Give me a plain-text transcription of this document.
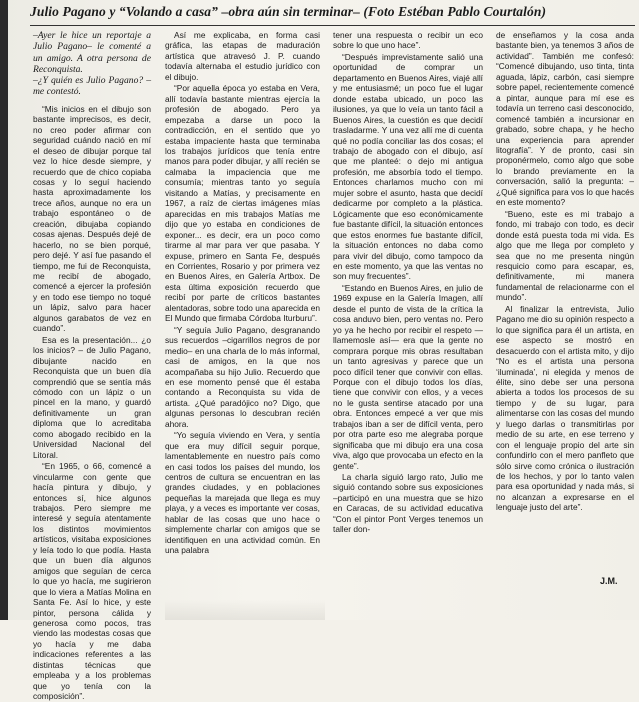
Julio Pagano y “Volando a casa” –obra aún sin terminar– (Foto Estéban Pablo Courtalón)

–Ayer le hice un reportaje a Julio Pagano– le comenté a un amigo. A otra persona de Reconquista.

–¿Y quién es Julio Pagano? – me contestó.

“Mis inicios en el dibujo son bastante imprecisos, es decir, no creo poder afirmar con seguridad cuándo nació en mí el deseo de dibujar porque tal vez lo hice desde siempre, y recuerdo que de chico copiaba cosas y lo seguí haciendo hasta aproximadamente los trece años, aunque no era un trabajo espontáneo o de creación, dibujaba copiando cosas ajenas. Después dejé de hacerlo, no se bien porqué, pero dejé. Y así fue pasando el tiempo, me fui de Reconquista, me recibí de abogado, comencé a ejercer la profesión y en todo ese tiempo no toqué un lápiz, salvo para hacer algunos garabatos de vez en cuando”.

Esa es la presentación... ¿o los inicios? – de Julio Pagano, dibujante nacido en Reconquista que un buen día comprendió que se sentía más cómodo con un lápiz o un pincel en la mano, y guardó definitivamente un gran diploma que lo acreditaba como abogado recibido en la Universidad Nacional del Litoral.

“En 1965, o 66, comencé a vincularme con gente que hacía pintura y dibujo, y entonces sí, hice algunos trabajos. Pero siempre me interesé y seguía atentamente los distintos movimientos artísticos, visitaba exposiciones y leía todo lo que podía. Hasta que un buen día algunos amigos que seguían de cerca lo que yo hacía, me sugirieron que lo viera a Matías Molina en Santa Fe. Así lo hice, y este pintor, persona cálida y generosa como pocos, tras viendo las modestas cosas que yo hacía y me daba indicaciones referentes a las distintas técnicas que empleaba y a los problemas que yo tenía con la composición”.

Así me explicaba, en forma casi gráfica, las etapas de maduración artística que atravesó J. P. cuando todavía alternaba el estudio jurídico con el dibujo.

“Por aquella época yo estaba en Vera, allí todavía bastante mientras ejercía la profesión de abogado. Pero ya empezaba a darse un poco la contradicción, en el sentido que yo estaba impaciente hasta que terminaba los trabajos jurídicos que tenía entre manos para poder dibujar, y allí recién se calmaba la impaciencia que me consumía; mientras tanto yo seguía visitando a Matías, y precisamente en 1967, a raíz de ciertas imágenes mías aparecidas en mis trabajos Matías me dijo que yo estaba en condiciones de exponer... es decir, era un poco como tirarme al mar para ver que pasaba. Y expuse, primero en Santa Fe, después en Corrientes, Rosario y por primera vez en Buenos Aires, en Galería Artbox. De esta última exposición recuerdo que recibí por parte de críticos bastantes alentadoras, sobre todo una aparecida en El Mundo que firmaba Córdoba Iturburu”.

“Y seguía Julio Pagano, desgranando sus recuerdos –cigarrillos negros de por medio– en una charla de lo más informal, casi de amigos, en la que nos acompañaba su hijo Julio. Recuerdo que en ese momento pensé que él estaba contando a Reconquista su vida de artista. ¿Qué paradójico no? Digo, que algunas personas lo descubran recién ahora.

“Yo seguía viviendo en Vera, y sentía que era muy difícil seguir porque, lamentablemente en nuestro país como en casi todos los países del mundo, los centros de cultura se encuentran en las grandes ciudades, y en poblaciones pequeñas la marejada que llega es muy playa, y a veces es importante ver cosas, hablar de las cosas que uno hace o simplemente charlar con amigos que se identifiquen en una actividad común. En una palabra

tener una respuesta o recibir un eco sobre lo que uno hace”.

“Después imprevistamente salió una oportunidad de comprar un departamento en Buenos Aires, viajé allí y me entusiasmé; un poco fue el lugar donde estaba ubicado, un poco las ilusiones, ya que lo veía un tanto fácil a Buenos Aires, la cuestión es que decidí trasladarme. Y una vez allí me di cuenta qué no podía conciliar las dos cosas; el trabajo de abogado con el dibujo, así que me planteé: o dejo mi antigua profesión, me absorbía todo el tiempo. Entonces charlamos mucho con mi mujer sobre el asunto, hasta que decidí dedicarme por completo a la plástica. Lógicamente que eso económicamente fue bastante difícil, la situación entonces que estos enormes fue bastante difícil, la situación entonces no daba como para vivir del dibujo, como tampoco da en este momento, ya que las ventas no son muy frecuentes”.

“Estando en Buenos Aires, en julio de 1969 expuse en la Galería Imagen, allí desde el punto de vista de la crítica la cosa anduvo bien, pero ventas no. Pero yo ya he hecho por recibir el respeto —llamemosle así— era que la gente no comprara porque mis obras resultaban un tanto agresivas y parece que un poco difícil tener que convivir con ellas. Porque con el dibujo todos los días, tiene que convivir con ellos, y a veces no le gusta sentirse atacado por una obra. Entonces empecé a ver que mis trabajos iban a ser de difícil venta, pero por otra parte eso me alegraba porque significaba que mi dibujo era una cosa viva, algo que provocaba un efecto en la gente”.

La charla siguió largo rato, Julio me siguió contando sobre sus exposiciones –participó en una muestra que se hizo en Caracas, de su actividad educativa “Con el pintor Pont Verges tenemos un taller don-

de enseñamos y la cosa anda bastante bien, ya tenemos 3 años de actividad”. También me confesó: “Comencé dibujando, uso tinta, tinta aguada, lápiz, carbón, casi siempre sobre papel, recientemente comencé a pintar, aunque para mí ese es todavía un terreno casi desconocido, comencé también a incursionar en grabado, sobre chapa, y he hecho una experiencia para aprender litografía”. Y de pronto, casi sin proponérmelo, como algo que sobe lo brando previamente en la conversación, salió la pregunta: –¿Qué significa para vos lo que hacés en este momento?

“Bueno, este es mi trabajo a fondo, mi trabajo con todo, es decir donde está puesta toda mi vida. Es algo que me llega por completo y sea que no me presenta ningún resquicio como para escapar, es, definitivamente, mi manera fundamental de relacionarme con el mundo”.

Al finalizar la entrevista, Julio Pagano me dio su opinión respecto a lo que significa para él un artista, en ese aspecto se mostró en desacuerdo con el artista mito, y dijo “No es el artista una persona ‘iluminada’, ni elegida y menos de élite, sino debe ser una persona abierta a todos los procesos de su tiempo y de su lugar, para alimentarse con las cosas del mundo y luego darlas o transmitirlas por medio de su arte, en ese terreno y con el lenguaje propio del arte sin confundirlo con el mero panfleto que sólo sirve como crónica o ilustración de los hechos, y por lo tanto valen para esa oportunidad y nada más, si no alcanzan a expresarse en el lenguaje justo del arte”.

J.M.
